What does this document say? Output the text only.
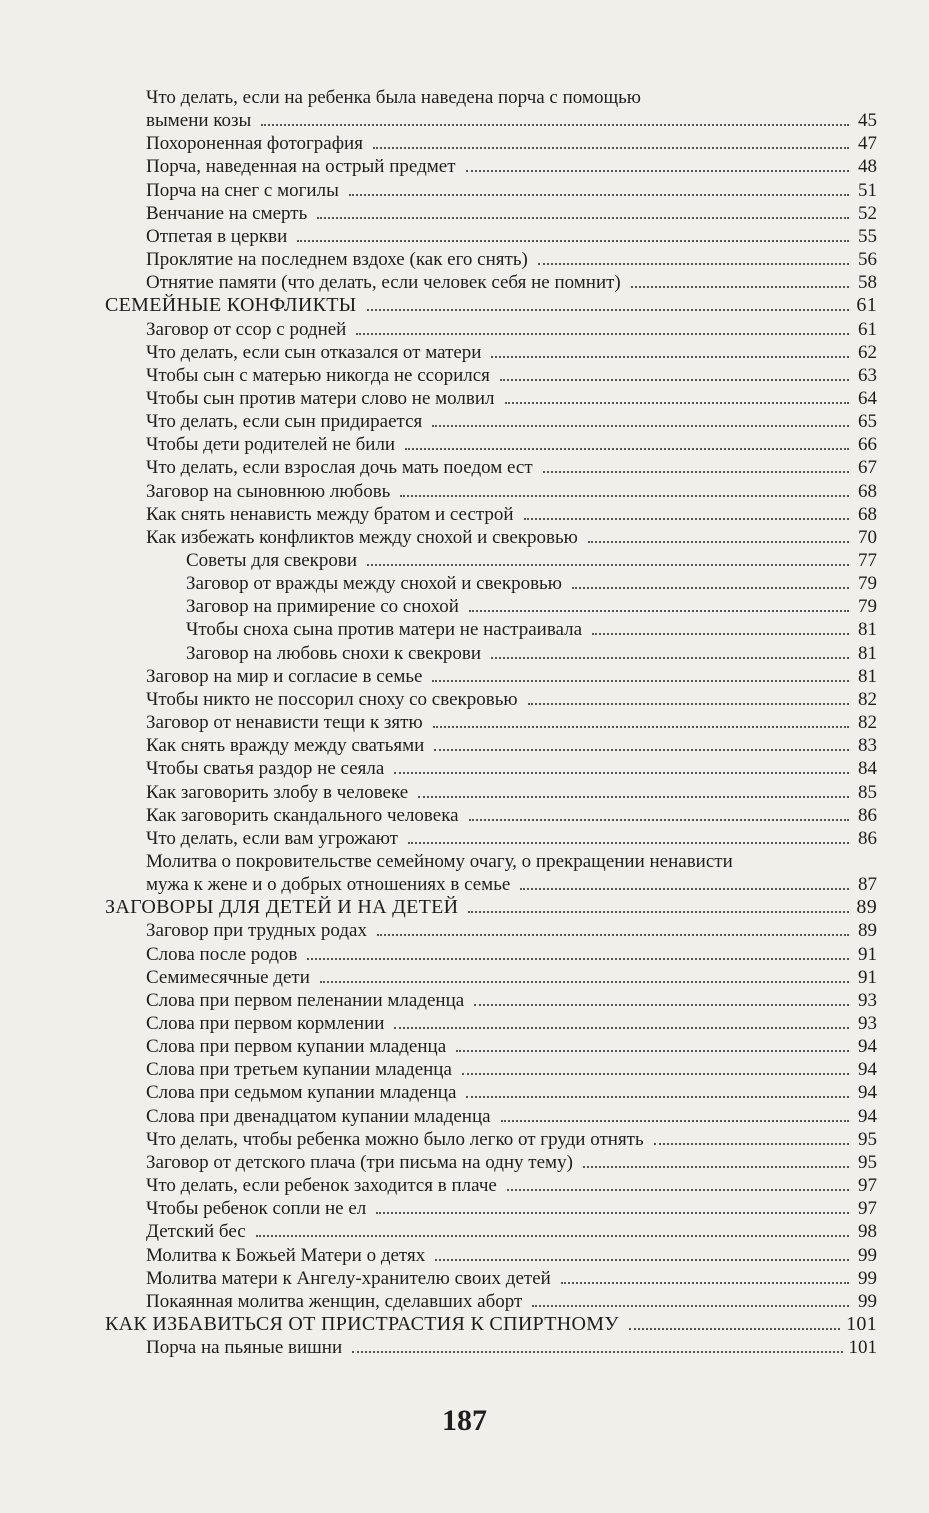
Что делать, если на ребенка была наведена порча с помощью
вымени козы	45
Похороненная фотография	47
Порча, наведенная на острый предмет	48
Порча на снег с могилы	51
Венчание на смерть	52
Отпетая в церкви	55
Проклятие на последнем вздохе (как его снять)	56
Отнятие памяти (что делать, если человек себя не помнит)	58
СЕМЕЙНЫЕ КОНФЛИКТЫ	61
Заговор от ссор с родней	61
Что делать, если сын отказался от матери	62
Чтобы сын с матерью никогда не ссорился	63
Чтобы сын против матери слово не молвил	64
Что делать, если сын придирается	65
Чтобы дети родителей не били	66
Что делать, если взрослая дочь мать поедом ест	67
Заговор на сыновнюю любовь	68
Как снять ненависть между братом и сестрой	68
Как избежать конфликтов между снохой и свекровью	70
Советы для свекрови	77
Заговор от вражды между снохой и свекровью	79
Заговор на примирение со снохой	79
Чтобы сноха сына против матери не настраивала	81
Заговор на любовь снохи к свекрови	81
Заговор на мир и согласие в семье	81
Чтобы никто не поссорил сноху со свекровью	82
Заговор от ненависти тещи к зятю	82
Как снять вражду между сватьями	83
Чтобы сватья раздор не сеяла	84
Как заговорить злобу в человеке	85
Как заговорить скандального человека	86
Что делать, если вам угрожают	86
Молитва о покровительстве семейному очагу, о прекращении ненависти
мужа к жене и о добрых отношениях в семье	87
ЗАГОВОРЫ ДЛЯ ДЕТЕЙ И НА ДЕТЕЙ	89
Заговор при трудных родах	89
Слова после родов	91
Семимесячные дети	91
Слова при первом пеленании младенца	93
Слова при первом кормлении	93
Слова при первом купании младенца	94
Слова при третьем купании младенца	94
Слова при седьмом купании младенца	94
Слова при двенадцатом купании младенца	94
Что делать, чтобы ребенка можно было легко от груди отнять	95
Заговор от детского плача (три письма на одну тему)	95
Что делать, если ребенок заходится в плаче	97
Чтобы ребенок сопли не ел	97
Детский бес	98
Молитва к Божьей Матери о детях	99
Молитва матери к Ангелу-хранителю своих детей	99
Покаянная молитва женщин, сделавших аборт	99
КАК ИЗБАВИТЬСЯ ОТ ПРИСТРАСТИЯ К СПИРТНОМУ	101
Порча на пьяные вишни	101
187
